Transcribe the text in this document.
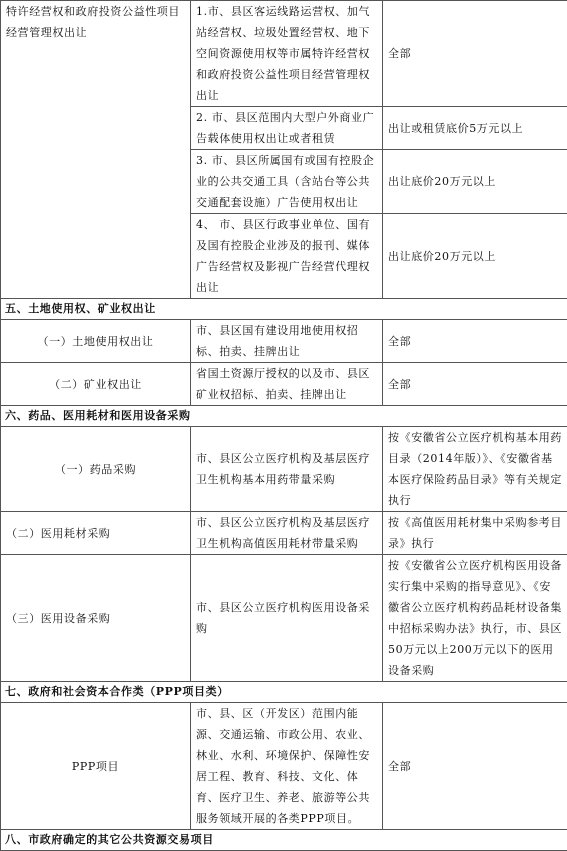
特许经营权和政府投资公益性项目经营管理权出让	1.市、县区客运线路运营权、加气站经营权、垃圾处置经营权、地下空间资源使用权等市属特许经营权和政府投资公益性项目经营管理权出让	全部
	2. 市、县区范围内大型户外商业广告载体使用权出让或者租赁	出让或租赁底价5万元以上
	3. 市、县区所属国有或国有控股企业的公共交通工具（含站台等公共交通配套设施）广告使用权出让	出让底价20万元以上
	4、 市、县区行政事业单位、国有及国有控股企业涉及的报刊、媒体广告经营权及影视广告经营代理权出让	出让底价20万元以上
五、土地使用权、矿业权出让		
（一）土地使用权出让	市、县区国有建设用地使用权招标、拍卖、挂牌出让	全部
（二）矿业权出让	省国土资源厅授权的以及市、县区矿业权招标、拍卖、挂牌出让	全部
六、药品、医用耗材和医用设备采购		
（一）药品采购	市、县区公立医疗机构及基层医疗卫生机构基本用药带量采购	按《安徽省公立医疗机构基本用药目录（2014年版）》、《安徽省基本医疗保险药品目录》等有关规定执行
（二）医用耗材采购	市、县区公立医疗机构及基层医疗卫生机构高值医用耗材带量采购	按《高值医用耗材集中采购参考目录》执行
（三）医用设备采购	市、县区公立医疗机构医用设备采购	按《安徽省公立医疗机构医用设备实行集中采购的指导意见》、《安徽省公立医疗机构药品耗材设备集中招标采购办法》执行，市、县区50万元以上200万元以下的医用设备采购
七、政府和社会资本合作类（PPP项目类）		
PPP项目	市、县、区（开发区）范围内能源、交通运输、市政公用、农业、林业、水利、环境保护、保障性安居工程、教育、科技、文化、体育、医疗卫生、养老、旅游等公共服务领域开展的各类PPP项目。	全部
八、市政府确定的其它公共资源交易项目		
